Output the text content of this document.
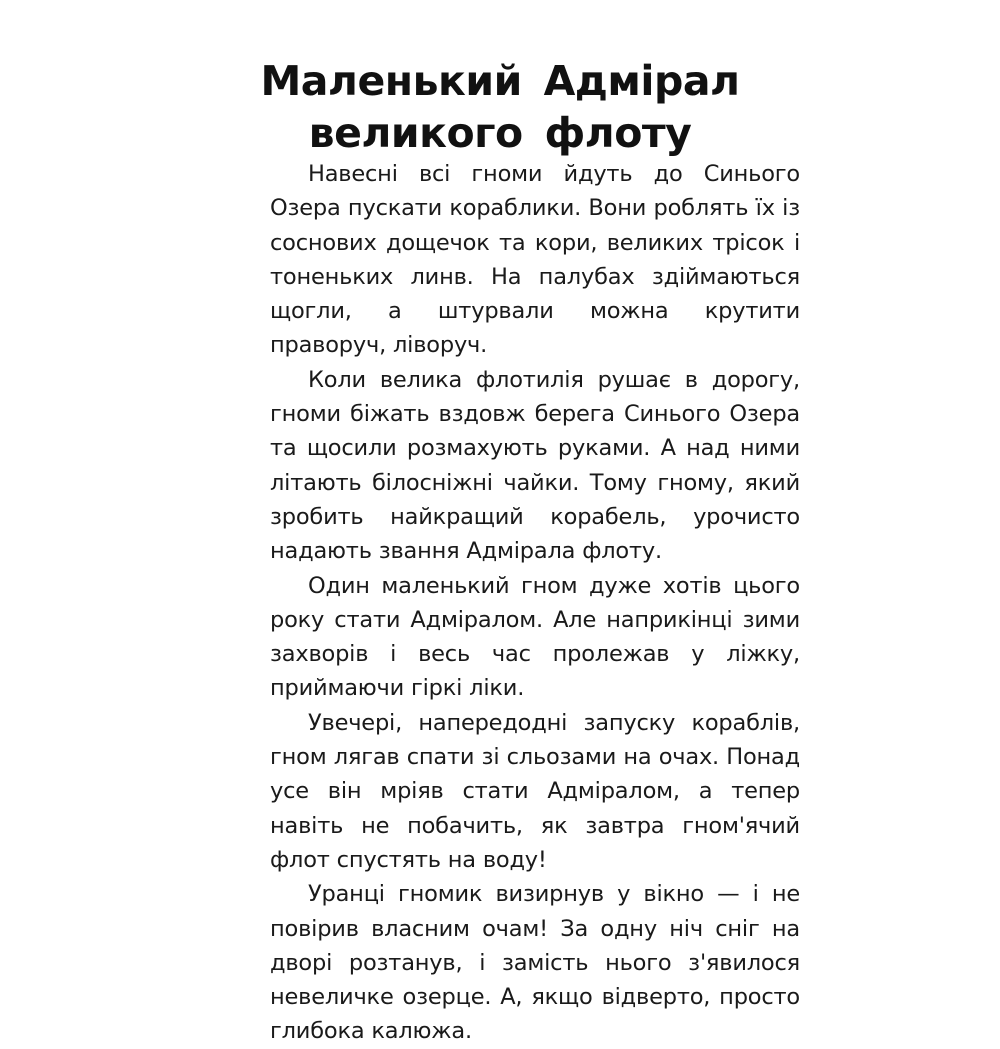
Маленький Адмірал
великого флоту

Навесні всі гноми йдуть до Синього Озера пускати кораблики. Вони роблять їх із соснових дощечок та кори, великих трісок і тоненьких линв. На палубах здіймаються щогли, а штурвали можна крутити праворуч, ліворуч.

Коли велика флотилія рушає в дорогу, гноми біжать вздовж берега Синього Озера та щосили розмахують руками. А над ними літають білосніжні чайки. Тому гному, який зробить найкращий корабель, урочисто надають звання Адмірала флоту.

Один маленький гном дуже хотів цього року стати Адміралом. Але наприкінці зими захворів і весь час пролежав у ліжку, приймаючи гіркі ліки.

Увечері, напередодні запуску кораблів, гном лягав спати зі сльозами на очах. Понад усе він мріяв стати Адміралом, а тепер навіть не побачить, як завтра гном'ячий флот спустять на воду!

Уранці гномик визирнув у вікно — і не повірив власним очам! За одну ніч сніг на дворі розтанув, і замість нього з'явилося невеличке озерце. А, якщо відверто, просто глибока калюжа.
